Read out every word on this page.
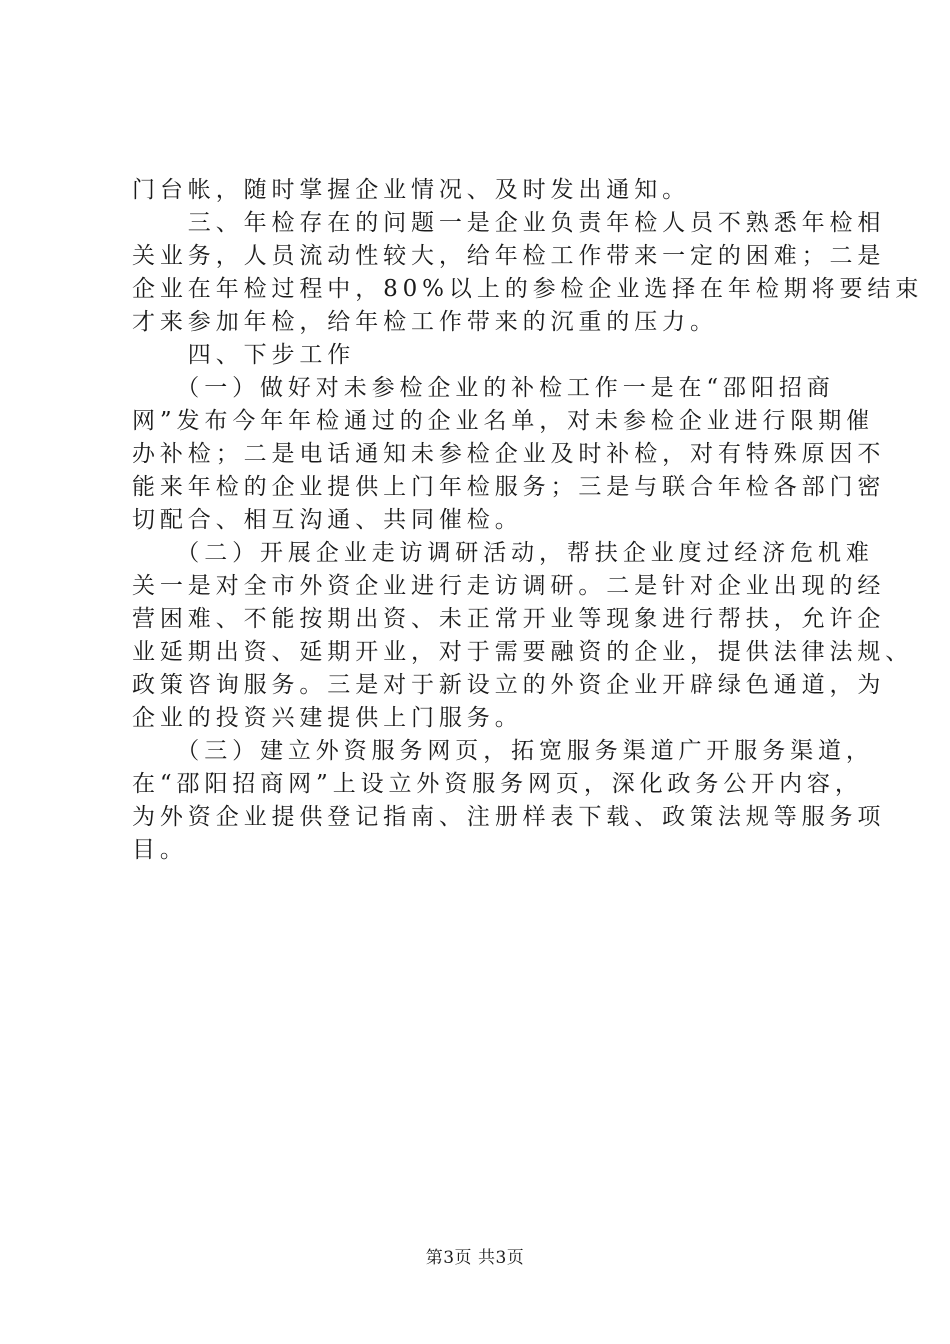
门台帐，随时掌握企业情况、及时发出通知。
　　三、年检存在的问题一是企业负责年检人员不熟悉年检相
关业务，人员流动性较大，给年检工作带来一定的困难；二是
企业在年检过程中，80%以上的参检企业选择在年检期将要结束
才来参加年检，给年检工作带来的沉重的压力。
　　四、下步工作
　　（一）做好对未参检企业的补检工作一是在“邵阳招商
网”发布今年年检通过的企业名单，对未参检企业进行限期催
办补检；二是电话通知未参检企业及时补检，对有特殊原因不
能来年检的企业提供上门年检服务；三是与联合年检各部门密
切配合、相互沟通、共同催检。
　　（二）开展企业走访调研活动，帮扶企业度过经济危机难
关一是对全市外资企业进行走访调研。二是针对企业出现的经
营困难、不能按期出资、未正常开业等现象进行帮扶，允许企
业延期出资、延期开业，对于需要融资的企业，提供法律法规、
政策咨询服务。三是对于新设立的外资企业开辟绿色通道，为
企业的投资兴建提供上门服务。
　　（三）建立外资服务网页，拓宽服务渠道广开服务渠道，
在“邵阳招商网”上设立外资服务网页，深化政务公开内容，
为外资企业提供登记指南、注册样表下载、政策法规等服务项
目。
第3页 共3页
